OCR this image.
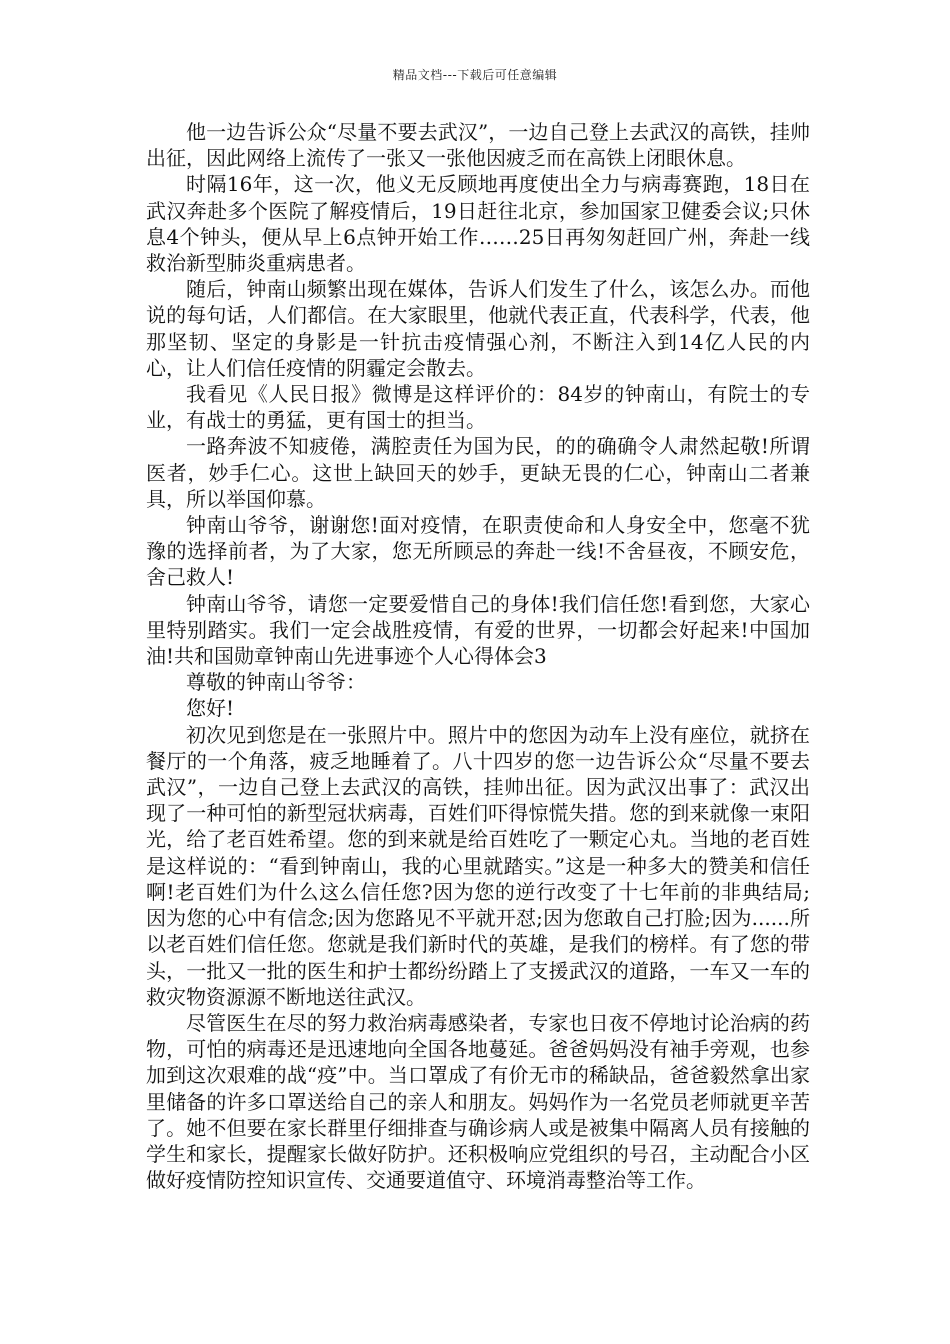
精品文档---下载后可任意编辑

他一边告诉公众“尽量不要去武汉”，一边自己登上去武汉的高铁，挂帅出征，因此网络上流传了一张又一张他因疲乏而在高铁上闭眼休息。

时隔16年，这一次，他义无反顾地再度使出全力与病毒赛跑，18日在武汉奔赴多个医院了解疫情后，19日赶往北京，参加国家卫健委会议;只休息4个钟头，便从早上6点钟开始工作……25日再匆匆赶回广州，奔赴一线救治新型肺炎重病患者。

随后，钟南山频繁出现在媒体，告诉人们发生了什么，该怎么办。而他说的每句话，人们都信。在大家眼里，他就代表正直，代表科学，代表，他那坚韧、坚定的身影是一针抗击疫情强心剂，不断注入到14亿人民的内心，让人们信任疫情的阴霾定会散去。

我看见《人民日报》微博是这样评价的：84岁的钟南山，有院士的专业，有战士的勇猛，更有国士的担当。

一路奔波不知疲倦，满腔责任为国为民，的的确确令人肃然起敬!所谓医者，妙手仁心。这世上缺回天的妙手，更缺无畏的仁心，钟南山二者兼具，所以举国仰慕。

钟南山爷爷，谢谢您!面对疫情，在职责使命和人身安全中，您毫不犹豫的选择前者，为了大家，您无所顾忌的奔赴一线!不舍昼夜，不顾安危，舍己救人!

钟南山爷爷，请您一定要爱惜自己的身体!我们信任您!看到您，大家心里特别踏实。我们一定会战胜疫情，有爱的世界，一切都会好起来!中国加油!共和国勋章钟南山先进事迹个人心得体会3

尊敬的钟南山爷爷：

您好!

初次见到您是在一张照片中。照片中的您因为动车上没有座位，就挤在餐厅的一个角落，疲乏地睡着了。八十四岁的您一边告诉公众“尽量不要去武汉”，一边自己登上去武汉的高铁，挂帅出征。因为武汉出事了：武汉出现了一种可怕的新型冠状病毒，百姓们吓得惊慌失措。您的到来就像一束阳光，给了老百姓希望。您的到来就是给百姓吃了一颗定心丸。当地的老百姓是这样说的：“看到钟南山，我的心里就踏实。”这是一种多大的赞美和信任啊!老百姓们为什么这么信任您?因为您的逆行改变了十七年前的非典结局;因为您的心中有信念;因为您路见不平就开怼;因为您敢自己打脸;因为......所以老百姓们信任您。您就是我们新时代的英雄，是我们的榜样。有了您的带头，一批又一批的医生和护士都纷纷踏上了支援武汉的道路，一车又一车的救灾物资源源不断地送往武汉。

尽管医生在尽的努力救治病毒感染者，专家也日夜不停地讨论治病的药物，可怕的病毒还是迅速地向全国各地蔓延。爸爸妈妈没有袖手旁观，也参加到这次艰难的战“疫”中。当口罩成了有价无市的稀缺品，爸爸毅然拿出家里储备的许多口罩送给自己的亲人和朋友。妈妈作为一名党员老师就更辛苦了。她不但要在家长群里仔细排查与确诊病人或是被集中隔离人员有接触的学生和家长，提醒家长做好防护。还积极响应党组织的号召，主动配合小区做好疫情防控知识宣传、交通要道值守、环境消毒整治等工作。
